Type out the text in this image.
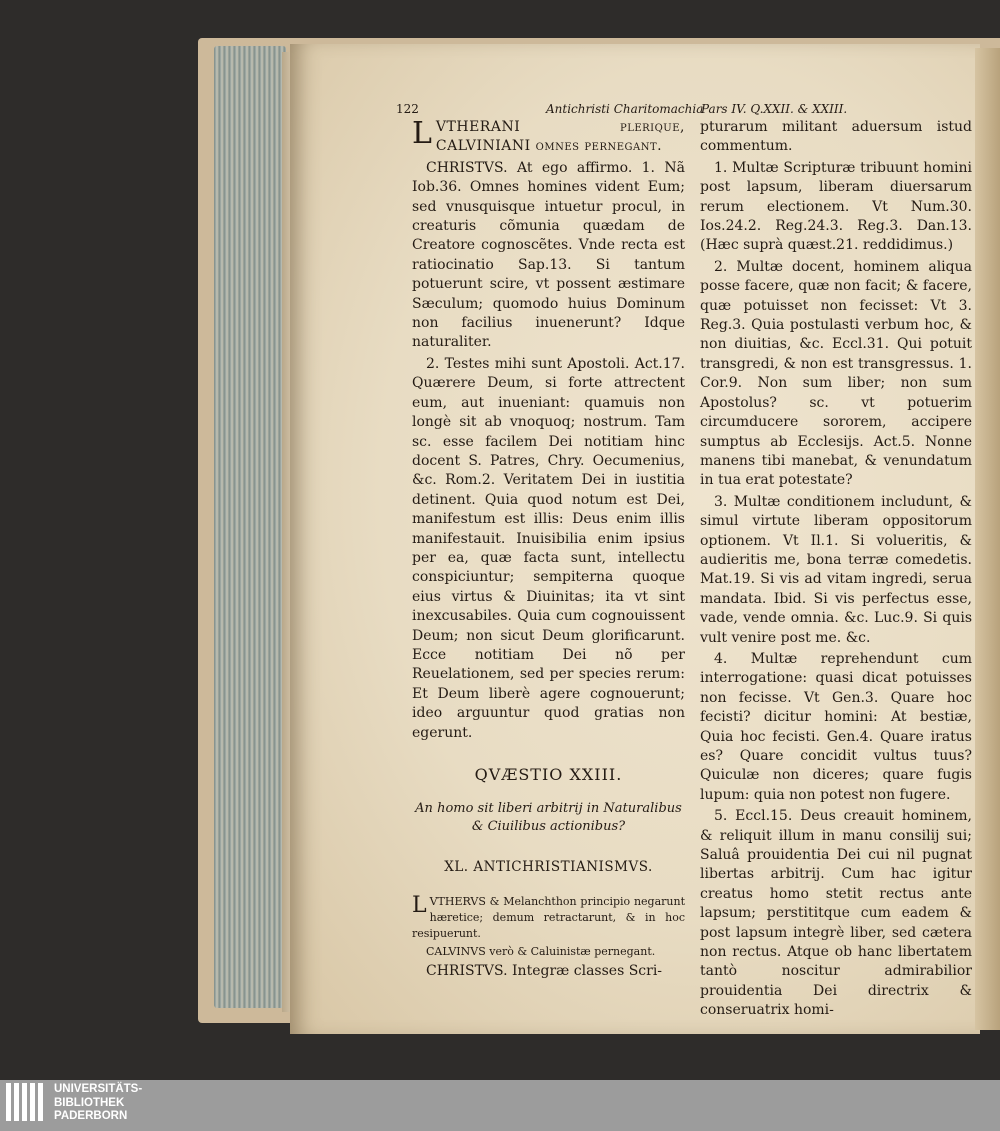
122	Antichristi Charitomachia
Pars IV. Q.XXII. & XXIII.

LVTHERANI plerique, CALVINIANI omnes pernegant.

CHRISTVS. At ego affirmo. 1. Nã Iob.36. Omnes homines vident Eum; sed vnusquisque intuetur procul, in creaturis cõmunia quædam de Creatore cognoscẽtes. Vnde recta est ratiocinatio Sap.13. Si tantum potuerunt scire, vt possent æstimare Sæculum; quomodo huius Dominum non facilius inuenerunt? Idque naturaliter.

2. Testes mihi sunt Apostoli. Act.17. Quærere Deum, si forte attrectent eum, aut inueniant: quamuis non longè sit ab vnoquoq; nostrum. Tam sc. esse facilem Dei notitiam hinc docent S. Patres, Chry. Oecumenius, &c. Rom.2. Veritatem Dei in iustitia detinent. Quia quod notum est Dei, manifestum est illis: Deus enim illis manifestauit. Inuisibilia enim ipsius per ea, quæ facta sunt, intellectu conspiciuntur; sempiterna quoque eius virtus & Diuinitas; ita vt sint inexcusabiles. Quia cum cognouissent Deum; non sicut Deum glorificarunt. Ecce notitiam Dei nõ per Reuelationem, sed per species rerum: Et Deum liberè agere cognouerunt; ideo arguuntur quod gratias non egerunt.

QVÆSTIO XXIII.

An homo sit liberi arbitrij in Naturalibus & Ciuilibus actionibus?

XL. ANTICHRISTIANISMVS.

LVTHERVS & Melanchthon principio negarunt hæretice; demum retractarunt, & in hoc resipuerunt.

CALVINVS verò & Caluinistæ pernegant.

CHRISTVS. Integræ classes Scri-

pturarum militant aduersum istud commentum.

1. Multæ Scripturæ tribuunt homini post lapsum, liberam diuersarum rerum electionem. Vt Num.30. Ios.24.2. Reg.24.3. Reg.3. Dan.13. (Hæc suprà quæst.21. reddidimus.)

2. Multæ docent, hominem aliqua posse facere, quæ non facit; & facere, quæ potuisset non fecisset: Vt 3. Reg.3. Quia postulasti verbum hoc, & non diuitias, &c. Eccl.31. Qui potuit transgredi, & non est transgressus. 1. Cor.9. Non sum liber; non sum Apostolus? sc. vt potuerim circumducere sororem, accipere sumptus ab Ecclesijs. Act.5. Nonne manens tibi manebat, & venundatum in tua erat potestate?

3. Multæ conditionem includunt, & simul virtute liberam oppositorum optionem. Vt Il.1. Si volueritis, & audieritis me, bona terræ comedetis. Mat.19. Si vis ad vitam ingredi, serua mandata. Ibid. Si vis perfectus esse, vade, vende omnia. &c. Luc.9. Si quis vult venire post me. &c.

4. Multæ reprehendunt cum interrogatione: quasi dicat potuisses non fecisse. Vt Gen.3. Quare hoc fecisti? dicitur homini: At bestiæ, Quia hoc fecisti. Gen.4. Quare iratus es? Quare concidit vultus tuus? Quiculæ non diceres; quare fugis lupum: quia non potest non fugere.

5. Eccl.15. Deus creauit hominem, & reliquit illum in manu consilij sui; Saluâ prouidentia Dei cui nil pugnat libertas arbitrij. Cum hac igitur creatus homo stetit rectus ante lapsum; perstititque cum eadem & post lapsum integrè liber, sed cætera non rectus. Atque ob hanc libertatem tantò noscitur admirabilior prouidentia Dei directrix & conseruatrix homi-

UNIVERSITÄTS-
BIBLIOTHEK
PADERBORN
